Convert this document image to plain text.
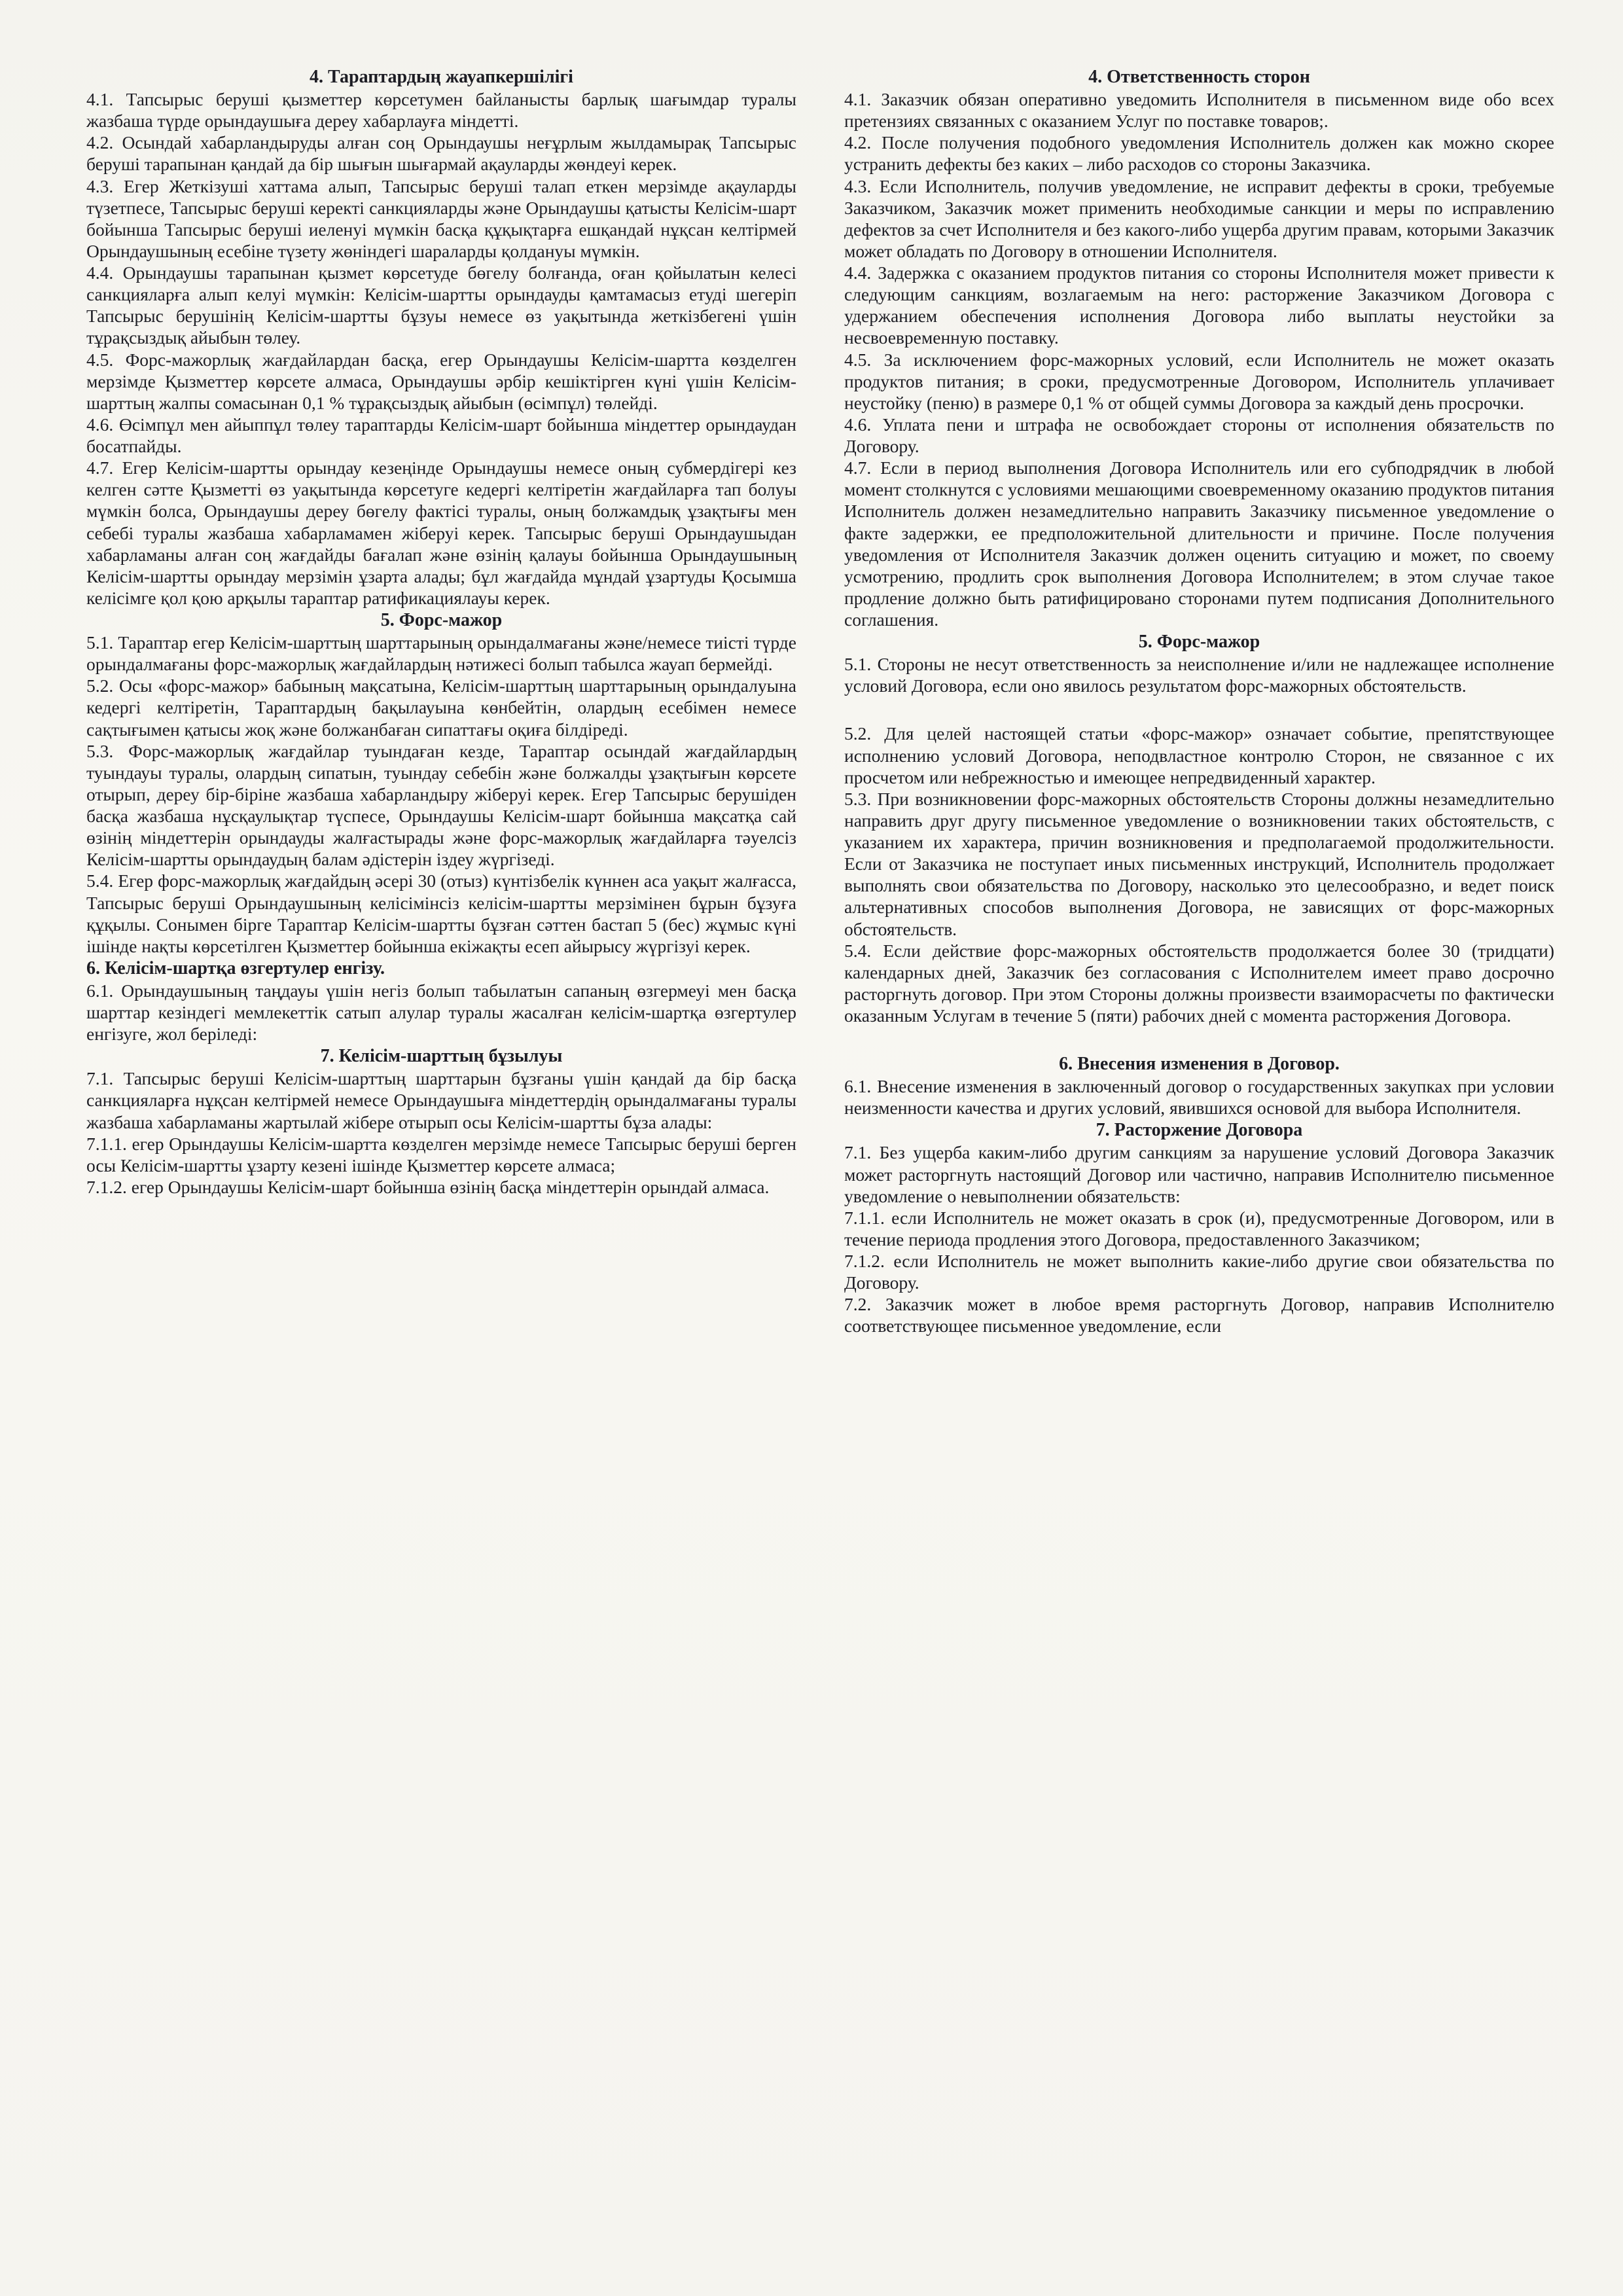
4. Тараптардың жауапкершілігі

4.1. Тапсырыс беруші қызметтер көрсетумен байланысты барлық шағымдар туралы жазбаша түрде орындаушыға дереу хабарлауға міндетті.

4.2. Осындай хабарландыруды алған соң Орындаушы неғұрлым жылдамырақ Тапсырыс беруші тарапынан қандай да бір шығын шығармай ақауларды жөндеуі керек.

4.3. Егер Жеткізуші хаттама алып, Тапсырыс беруші талап еткен мерзімде ақауларды түзетпесе, Тапсырыс беруші керекті санкцияларды және Орындаушы қатысты Келісім-шарт бойынша Тапсырыс беруші иеленуі мүмкін басқа құқықтарға ешқандай нұқсан келтірмей Орындаушының есебіне түзету жөніндегі шараларды қолдануы мүмкін.

4.4. Орындаушы тарапынан қызмет көрсетуде бөгелу болғанда, оған қойылатын келесі санкцияларға алып келуі мүмкін: Келісім-шартты орындауды қамтамасыз етуді шегеріп Тапсырыс берушінің Келісім-шартты бұзуы немесе өз уақытында жеткізбегені үшін тұрақсыздық айыбын төлеу.

4.5. Форс-мажорлық жағдайлардан басқа, егер Орындаушы Келісім-шартта көзделген мерзімде Қызметтер көрсете алмаса, Орындаушы әрбір кешіктірген күні үшін Келісім-шарттың жалпы сомасынан 0,1 % тұрақсыздық айыбын (өсімпұл) төлейді.

4.6. Өсімпұл мен айыппұл төлеу тараптарды Келісім-шарт бойынша міндеттер орындаудан босатпайды.

4.7. Егер Келісім-шартты орындау кезеңінде Орындаушы немесе оның субмердігері кез келген сәтте Қызметті өз уақытында көрсетуге кедергі келтіретін жағдайларға тап болуы мүмкін болса, Орындаушы дереу бөгелу фактісі туралы, оның болжамдық ұзақтығы мен себебі туралы жазбаша хабарламамен жіберуі керек. Тапсырыс беруші Орындаушыдан хабарламаны алған соң жағдайды бағалап және өзінің қалауы бойынша Орындаушының Келісім-шартты орындау мерзімін ұзарта алады; бұл жағдайда мұндай ұзартуды Қосымша келісімге қол қою арқылы тараптар ратификациялауы керек.

5. Форс-мажор

5.1. Тараптар егер Келісім-шарттың шарттарының орындалмағаны және/немесе тиісті түрде орындалмағаны форс-мажорлық жағдайлардың нәтижесі болып табылса жауап бермейді.

5.2. Осы «форс-мажор» бабының мақсатына, Келісім-шарттың шарттарының орындалуына кедергі келтіретін, Тараптардың бақылауына көнбейтін, олардың есебімен немесе сақтығымен қатысы жоқ және болжанбаған сипаттағы оқиға білдіреді.

5.3. Форс-мажорлық жағдайлар туындаған кезде, Тараптар осындай жағдайлардың туындауы туралы, олардың сипатын, туындау себебін және болжалды ұзақтығын көрсете отырып, дереу бір-біріне жазбаша хабарландыру жіберуі керек. Егер Тапсырыс берушіден басқа жазбаша нұсқаулықтар түспесе, Орындаушы Келісім-шарт бойынша мақсатқа сай өзінің міндеттерін орындауды жалғастырады және форс-мажорлық жағдайларға тәуелсіз Келісім-шартты орындаудың балам әдістерін іздеу жүргізеді.

5.4. Егер форс-мажорлық жағдайдың әсері 30 (отыз) күнтізбелік күннен аса уақыт жалғасса, Тапсырыс беруші Орындаушының келісімінсіз келісім-шартты мерзімінен бұрын бұзуға құқылы. Сонымен бірге Тараптар Келісім-шартты бұзған сәттен бастап 5 (бес) жұмыс күні ішінде нақты көрсетілген Қызметтер бойынша екіжақты есеп айырысу жүргізуі керек.

6. Келісім-шартқа өзгертулер енгізу.

6.1. Орындаушының таңдауы үшін негіз болып табылатын сапаның өзгермеуі мен басқа шарттар кезіндегі мемлекеттік сатып алулар туралы жасалған келісім-шартқа өзгертулер енгізуге, жол беріледі:

7. Келісім-шарттың бұзылуы

7.1. Тапсырыс беруші Келісім-шарттың шарттарын бұзғаны үшін қандай да бір басқа санкцияларға нұқсан келтірмей немесе Орындаушыға міндеттердің орындалмағаны туралы жазбаша хабарламаны жартылай жібере отырып осы Келісім-шартты бұза алады:

7.1.1. егер Орындаушы Келісім-шартта көзделген мерзімде немесе Тапсырыс беруші берген осы Келісім-шартты ұзарту кезені ішінде Қызметтер көрсете алмаса;

7.1.2. егер Орындаушы Келісім-шарт бойынша өзінің басқа міндеттерін орындай алмаса.

4. Ответственность сторон

4.1. Заказчик обязан оперативно уведомить Исполнителя в письменном виде обо всех претензиях связанных с оказанием Услуг по поставке товаров;.

4.2. После получения подобного уведомления Исполнитель должен как можно скорее устранить дефекты без каких – либо расходов со стороны Заказчика.

4.3. Если Исполнитель, получив уведомление, не исправит дефекты в сроки, требуемые Заказчиком, Заказчик может применить необходимые санкции и меры по исправлению дефектов за счет Исполнителя и без какого-либо ущерба другим правам, которыми Заказчик может обладать по Договору в отношении Исполнителя.

4.4. Задержка с оказанием продуктов питания со стороны Исполнителя может привести к следующим санкциям, возлагаемым на него: расторжение Заказчиком Договора с удержанием обеспечения исполнения Договора либо выплаты неустойки за несвоевременную поставку.

4.5. За исключением форс-мажорных условий, если Исполнитель не может оказать продуктов питания; в сроки, предусмотренные Договором, Исполнитель уплачивает неустойку (пеню) в размере 0,1 % от общей суммы Договора за каждый день просрочки.

4.6. Уплата пени и штрафа не освобождает стороны от исполнения обязательств по Договору.

4.7. Если в период выполнения Договора Исполнитель или его субподрядчик в любой момент столкнутся с условиями мешающими своевременному оказанию продуктов питания Исполнитель должен незамедлительно направить Заказчику письменное уведомление о факте задержки, ее предположительной длительности и причине. После получения уведомления от Исполнителя Заказчик должен оценить ситуацию и может, по своему усмотрению, продлить срок выполнения Договора Исполнителем; в этом случае такое продление должно быть ратифицировано сторонами путем подписания Дополнительного соглашения.

5. Форс-мажор

5.1. Стороны не несут ответственность за неисполнение и/или не надлежащее исполнение условий Договора, если оно явилось результатом форс-мажорных обстоятельств.

5.2. Для целей настоящей статьи «форс-мажор» означает событие, препятствующее исполнению условий Договора, неподвластное контролю Сторон, не связанное с их просчетом или небрежностью и имеющее непредвиденный характер.

5.3. При возникновении форс-мажорных обстоятельств Стороны должны незамедлительно направить друг другу письменное уведомление о возникновении таких обстоятельств, с указанием их характера, причин возникновения и предполагаемой продолжительности. Если от Заказчика не поступает иных письменных инструкций, Исполнитель продолжает выполнять свои обязательства по Договору, насколько это целесообразно, и ведет поиск альтернативных способов выполнения Договора, не зависящих от форс-мажорных обстоятельств.

5.4. Если действие форс-мажорных обстоятельств продолжается более 30 (тридцати) календарных дней, Заказчик без согласования с Исполнителем имеет право досрочно расторгнуть договор. При этом Стороны должны произвести взаиморасчеты по фактически оказанным Услугам в течение 5 (пяти) рабочих дней с момента расторжения Договора.

6. Внесения изменения в Договор.

6.1. Внесение изменения в заключенный договор о государственных закупках при условии неизменности качества и других условий, явившихся основой для выбора Исполнителя.

7. Расторжение Договора

7.1. Без ущерба каким-либо другим санкциям за нарушение условий Договора Заказчик может расторгнуть настоящий Договор или частично, направив Исполнителю письменное уведомление о невыполнении обязательств:

7.1.1. если Исполнитель не может оказать в срок (и), предусмотренные Договором, или в течение периода продления этого Договора, предоставленного Заказчиком;

7.1.2. если Исполнитель не может выполнить какие-либо другие свои обязательства по Договору.

7.2. Заказчик может в любое время расторгнуть Договор, направив Исполнителю соответствующее письменное уведомление, если
